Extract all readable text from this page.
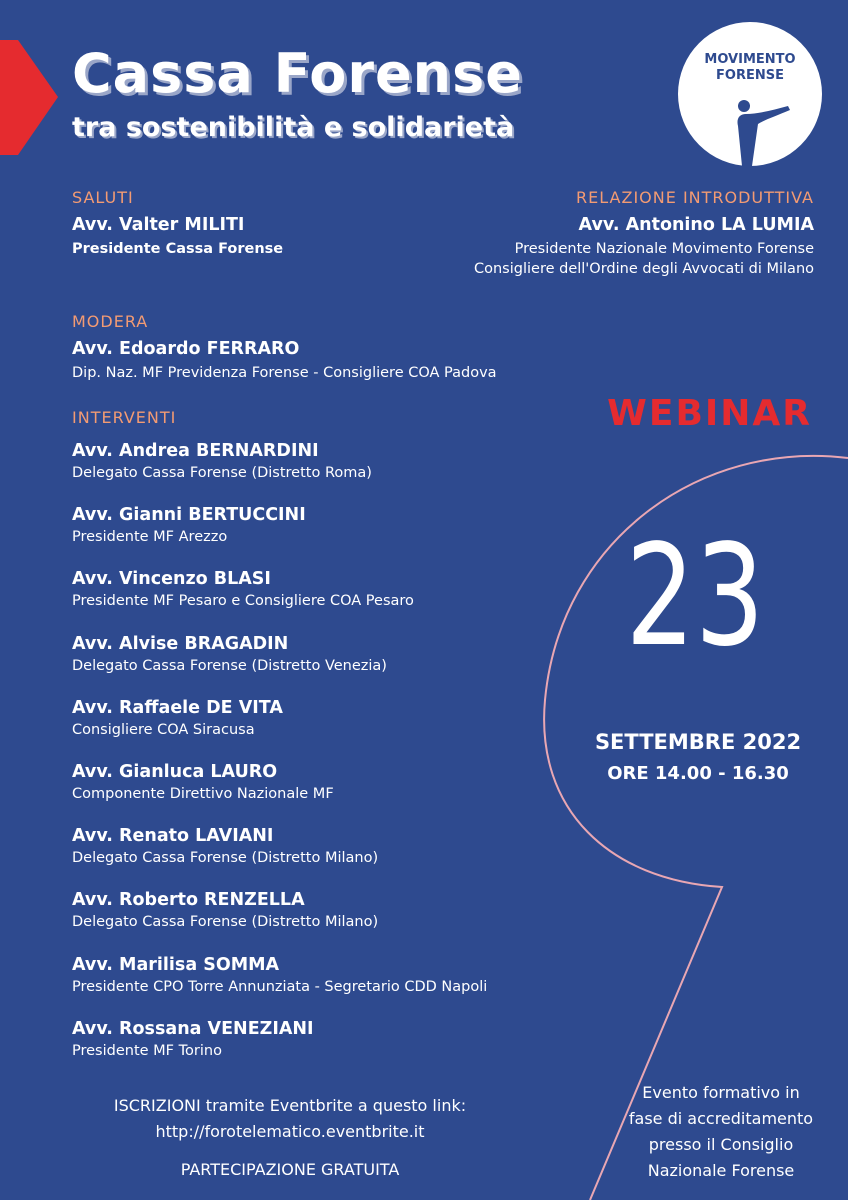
Cassa Forense
tra sostenibilità e solidarietà
MOVIMENTO
FORENSE
SALUTI
Avv. Valter MILITI
Presidente Cassa Forense
RELAZIONE INTRODUTTIVA
Avv. Antonino LA LUMIA
Presidente Nazionale Movimento Forense
Consigliere dell'Ordine degli Avvocati di Milano
MODERA
Avv. Edoardo FERRARO
Dip. Naz. MF Previdenza Forense - Consigliere COA Padova
INTERVENTI
Avv. Andrea BERNARDINI
Delegato Cassa Forense (Distretto Roma)
Avv. Gianni BERTUCCINI
Presidente MF Arezzo
Avv. Vincenzo BLASI
Presidente MF Pesaro e Consigliere COA Pesaro
Avv. Alvise BRAGADIN
Delegato Cassa Forense (Distretto Venezia)
Avv. Raffaele DE VITA
Consigliere COA Siracusa
Avv. Gianluca LAURO
Componente Direttivo Nazionale MF
Avv. Renato LAVIANI
Delegato Cassa Forense (Distretto Milano)
Avv. Roberto RENZELLA
Delegato Cassa Forense (Distretto Milano)
Avv. Marilisa SOMMA
Presidente CPO Torre Annunziata - Segretario CDD Napoli
Avv. Rossana VENEZIANI
Presidente MF Torino
WEBINAR
23
SETTEMBRE 2022
ORE 14.00 - 16.30
ISCRIZIONI tramite Eventbrite a questo link:
http://forotelematico.eventbrite.it
PARTECIPAZIONE GRATUITA
Evento formativo in
fase di accreditamento
presso il Consiglio
Nazionale Forense
